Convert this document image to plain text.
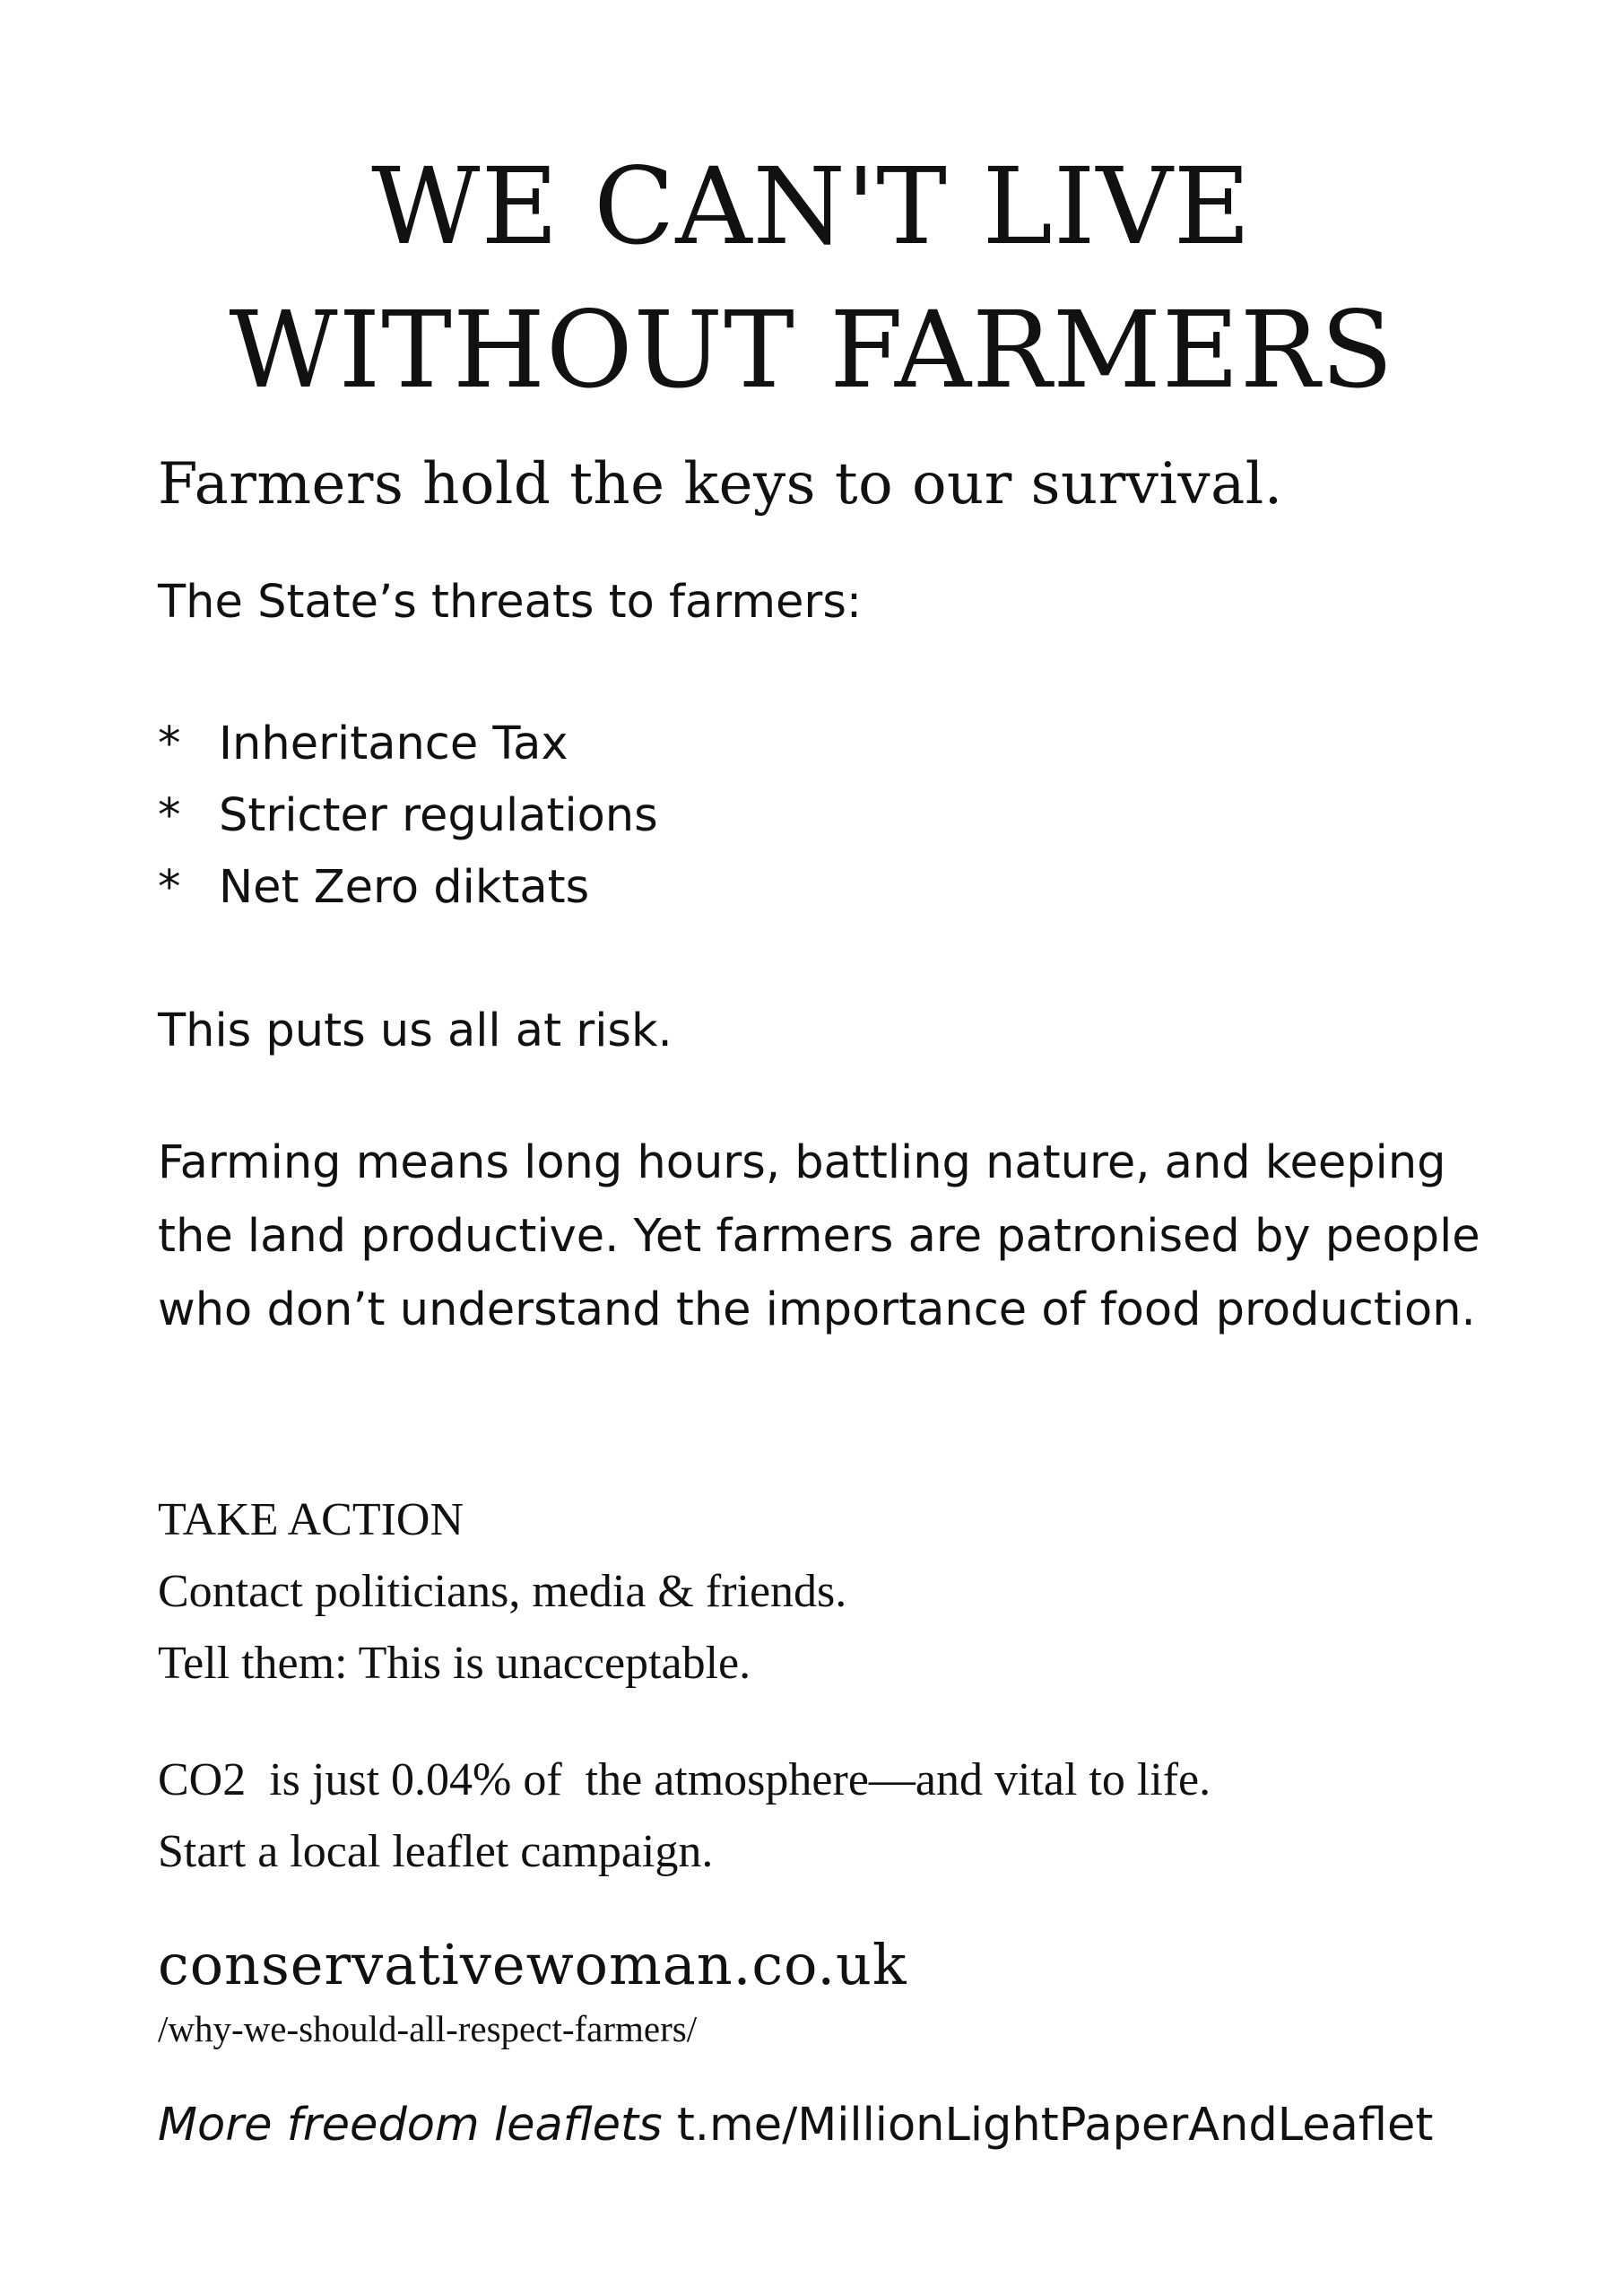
WE CAN'T LIVE
WITHOUT FARMERS
Farmers hold the keys to our survival.
The State’s threats to farmers:
* Inheritance Tax
* Stricter regulations
* Net Zero diktats
This puts us all at risk.

Farming means long hours, battling nature, and keeping the land productive. Yet farmers are patronised by people who don’t understand the importance of food production.

TAKE ACTION
Contact politicians, media & friends.
Tell them: This is unacceptable.
CO2  is just 0.04% of  the atmosphere—and vital to life.
Start a local leaflet campaign.
conservativewoman.co.uk
/why-we-should-all-respect-farmers/
More freedom leaflets t.me/MillionLightPaperAndLeaflet
